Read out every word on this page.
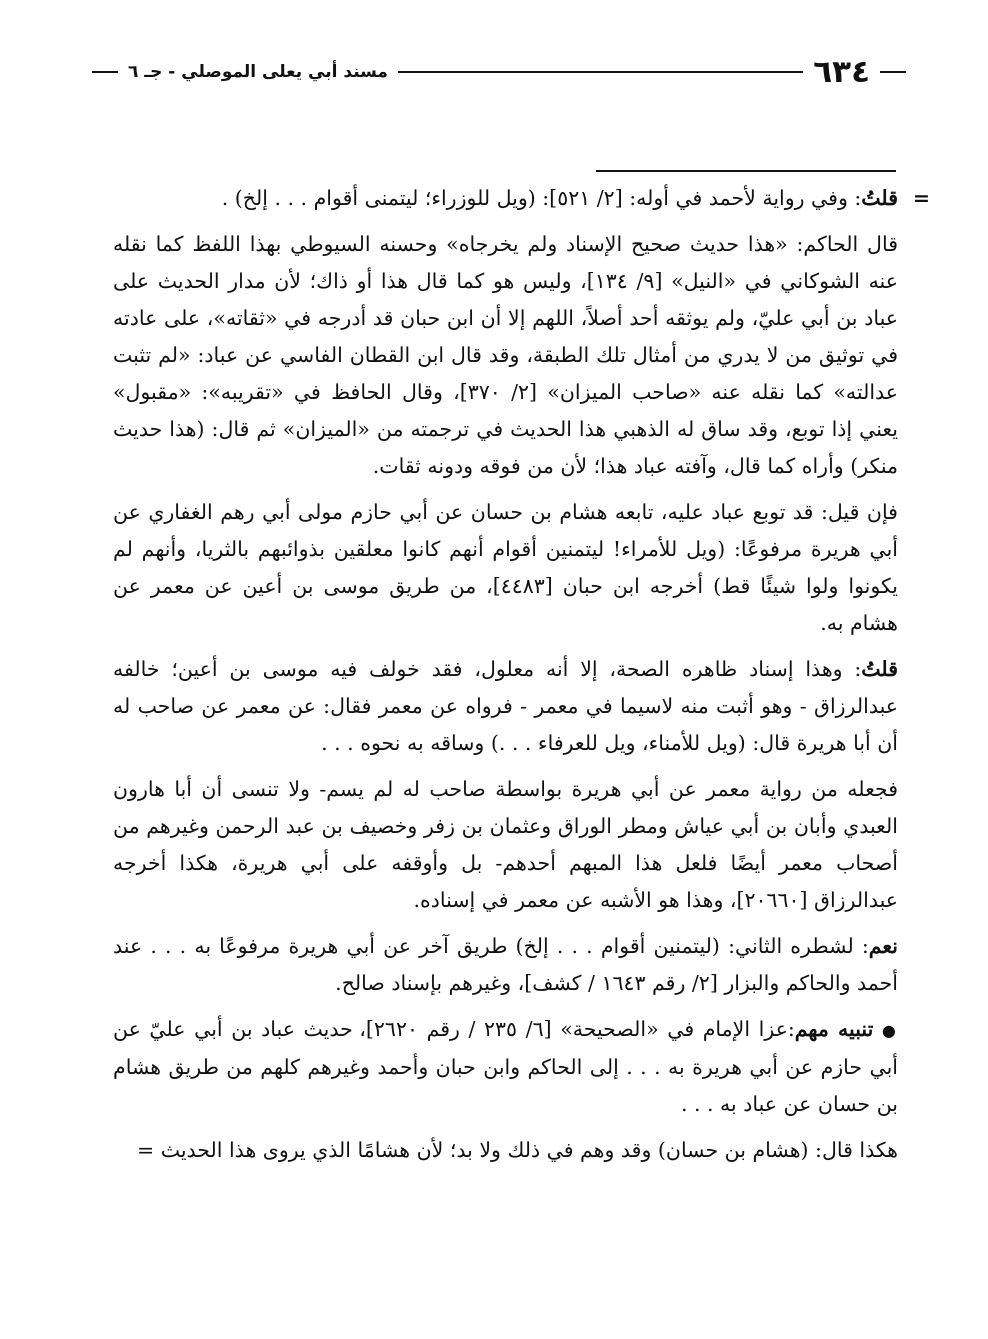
٦٣٤
مسند أبي يعلى الموصلي - جـ ٦

=
قلتُ: وفي رواية لأحمد في أوله: [٢/ ٥٢١]: (ويل للوزراء؛ ليتمنى أقوام . . . إلخ) .

قال الحاكم: «هذا حديث صحيح الإسناد ولم يخرجاه» وحسنه السيوطي بهذا اللفظ كما نقله عنه الشوكاني في «النيل» [٩/ ١٣٤]، وليس هو كما قال هذا أو ذاك؛ لأن مدار الحديث على عباد بن أبي عليّ، ولم يوثقه أحد أصلاً، اللهم إلا أن ابن حبان قد أدرجه في «ثقاته»، على عادته في توثيق من لا يدري من أمثال تلك الطبقة، وقد قال ابن القطان الفاسي عن عباد: «لم تثبت عدالته» كما نقله عنه «صاحب الميزان» [٢/ ٣٧٠]، وقال الحافظ في «تقريبه»: «مقبول» يعني إذا توبع، وقد ساق له الذهبي هذا الحديث في ترجمته من «الميزان» ثم قال: (هذا حديث منكر) وأراه كما قال، وآفته عباد هذا؛ لأن من فوقه ودونه ثقات.

فإن قيل: قد توبع عباد عليه، تابعه هشام بن حسان عن أبي حازم مولى أبي رهم الغفاري عن أبي هريرة مرفوعًا: (ويل للأمراء! ليتمنين أقوام أنهم كانوا معلقين بذوائبهم بالثريا، وأنهم لم يكونوا ولوا شيئًا قط) أخرجه ابن حبان [٤٤٨٣]، من طريق موسى بن أعين عن معمر عن هشام به.

قلتُ: وهذا إسناد ظاهره الصحة، إلا أنه معلول، فقد خولف فيه موسى بن أعين؛ خالفه عبدالرزاق - وهو أثبت منه لاسيما في معمر - فرواه عن معمر فقال: عن معمر عن صاحب له أن أبا هريرة قال: (ويل للأمناء، ويل للعرفاء . . .) وساقه به نحوه . . .

فجعله من رواية معمر عن أبي هريرة بواسطة صاحب له لم يسم- ولا تنسى أن أبا هارون العبدي وأبان بن أبي عياش ومطر الوراق وعثمان بن زفر وخصيف بن عبد الرحمن وغيرهم من أصحاب معمر أيضًا فلعل هذا المبهم أحدهم- بل وأوقفه على أبي هريرة، هكذا أخرجه عبدالرزاق [٢٠٦٦٠]، وهذا هو الأشبه عن معمر في إسناده.

نعم: لشطره الثاني: (ليتمنين أقوام . . . إلخ) طريق آخر عن أبي هريرة مرفوعًا به . . . عند أحمد والحاكم والبزار [٢/ رقم ١٦٤٣ / كشف]، وغيرهم بإسناد صالح.

● تنبيه مهم:عزا الإمام في «الصحيحة» [٦/ ٢٣٥ / رقم ٢٦٢٠]، حديث عباد بن أبي عليّ عن أبي حازم عن أبي هريرة به . . . إلى الحاكم وابن حبان وأحمد وغيرهم كلهم من طريق هشام بن حسان عن عباد به . . .

هكذا قال: (هشام بن حسان) وقد وهم في ذلك ولا بد؛ لأن هشامًا الذي يروى هذا الحديث =
